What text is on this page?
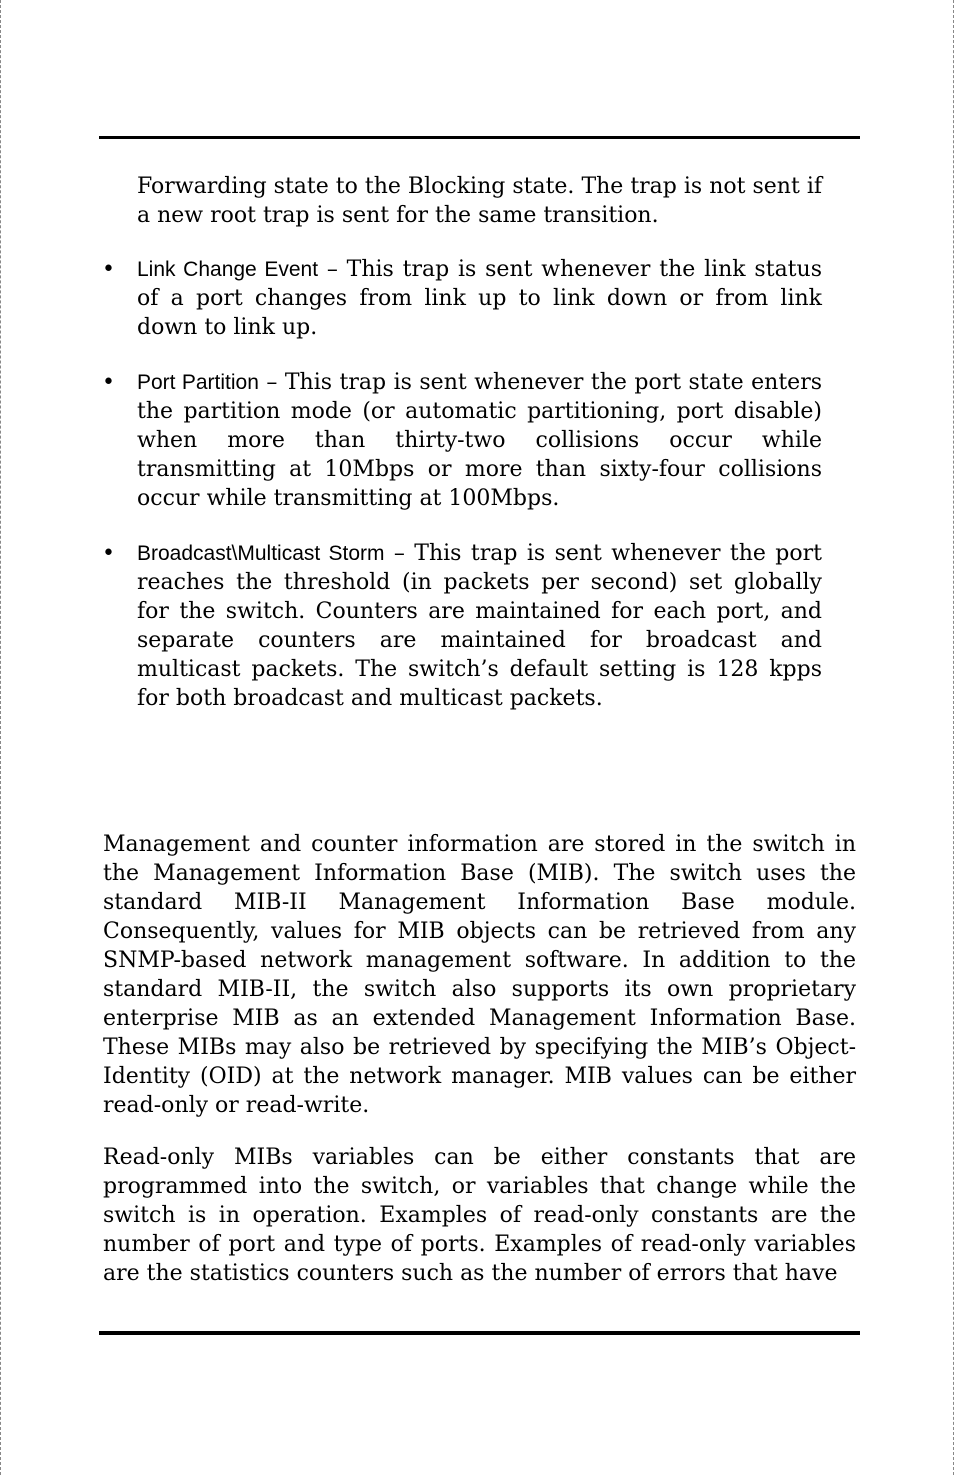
Forwarding state to the Blocking state. The trap is not sent if a new root trap is sent for the same transition.

• Link Change Event – This trap is sent whenever the link status of a port changes from link up to link down or from link down to link up.
• Port Partition – This trap is sent whenever the port state enters the partition mode (or automatic partitioning, port disable) when more than thirty-two collisions occur while transmitting at 10Mbps or more than sixty-four collisions occur while transmitting at 100Mbps.
• Broadcast\Multicast Storm – This trap is sent whenever the port reaches the threshold (in packets per second) set globally for the switch. Counters are maintained for each port, and separate counters are maintained for broadcast and multicast packets. The switch’s default setting is 128 kpps for both broadcast and multicast packets.

Management and counter information are stored in the switch in the Management Information Base (MIB). The switch uses the standard MIB-II Management Information Base module. Consequently, values for MIB objects can be retrieved from any SNMP-based network management software. In addition to the standard MIB-II, the switch also supports its own proprietary enterprise MIB as an extended Management Information Base. These MIBs may also be retrieved by specifying the MIB’s Object-Identity (OID) at the network manager. MIB values can be either read-only or read-write.

Read-only MIBs variables can be either constants that are programmed into the switch, or variables that change while the switch is in operation. Examples of read-only constants are the number of port and type of ports. Examples of read-only variables are the statistics counters such as the number of errors that have
